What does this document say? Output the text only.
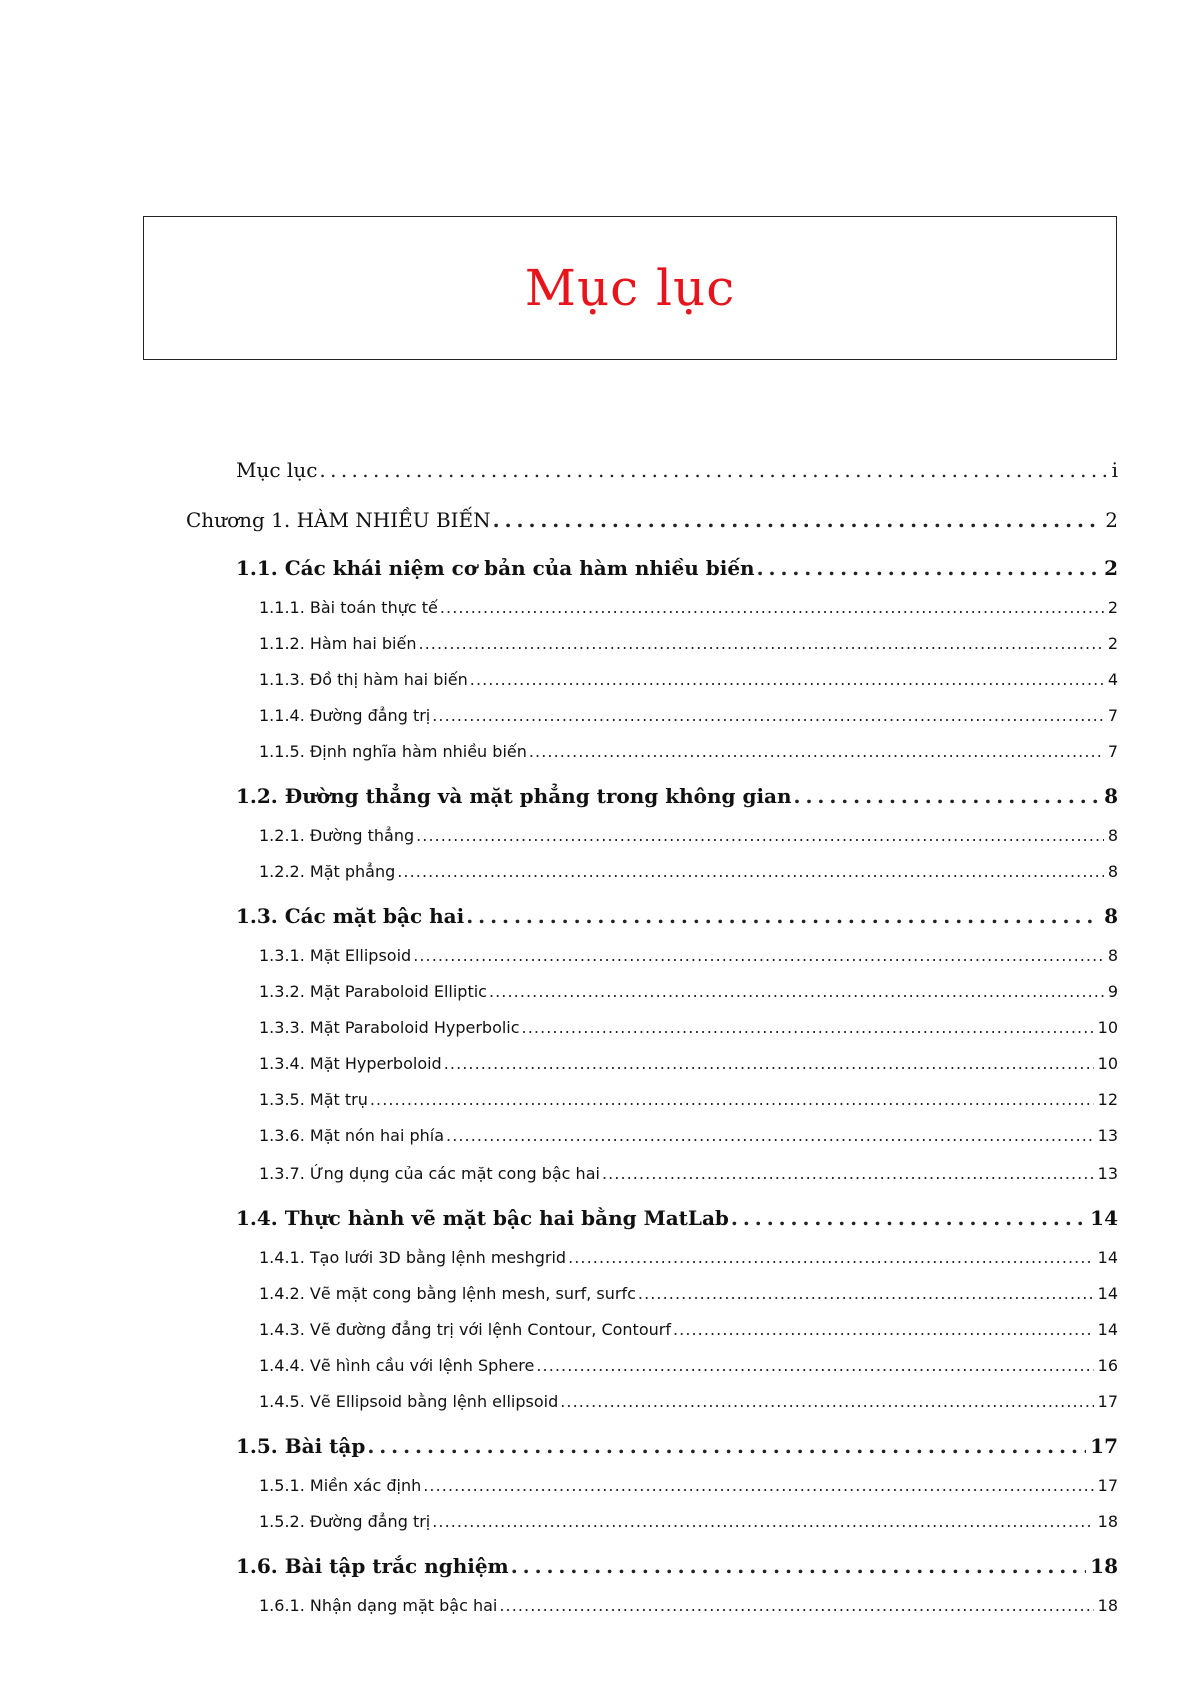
Mục lục
Mục lục . . .	i
Chương 1. HÀM NHIỀU BIẾN . . .	2
1.1. Các khái niệm cơ bản của hàm nhiều biến . . .	2
1.1.1. Bài toán thực tế . . .	2
1.1.2. Hàm hai biến . . .	2
1.1.3. Đồ thị hàm hai biến . . .	4
1.1.4. Đường đẳng trị . . .	7
1.1.5. Định nghĩa hàm nhiều biến . . .	7
1.2. Đường thẳng và mặt phẳng trong không gian . . .	8
1.2.1. Đường thẳng . . .	8
1.2.2. Mặt phẳng . . .	8
1.3. Các mặt bậc hai . . .	8
1.3.1. Mặt Ellipsoid . . .	8
1.3.2. Mặt Paraboloid Elliptic . . .	9
1.3.3. Mặt Paraboloid Hyperbolic . . .	10
1.3.4. Mặt Hyperboloid . . .	10
1.3.5. Mặt trụ . . .	12
1.3.6. Mặt nón hai phía . . .	13
1.3.7. Ứng dụng của các mặt cong bậc hai . . .	13
1.4. Thực hành vẽ mặt bậc hai bằng MatLab . . .	14
1.4.1. Tạo lưới 3D bằng lệnh meshgrid . . .	14
1.4.2. Vẽ mặt cong bằng lệnh mesh, surf, surfc . . .	14
1.4.3. Vẽ đường đẳng trị với lệnh Contour, Contourf . . .	14
1.4.4. Vẽ hình cầu với lệnh Sphere . . .	16
1.4.5. Vẽ Ellipsoid bằng lệnh ellipsoid . . .	17
1.5. Bài tập . . .	17
1.5.1. Miền xác định . . .	17
1.5.2. Đường đẳng trị . . .	18
1.6. Bài tập trắc nghiệm . . .	18
1.6.1. Nhận dạng mặt bậc hai . . .	18
